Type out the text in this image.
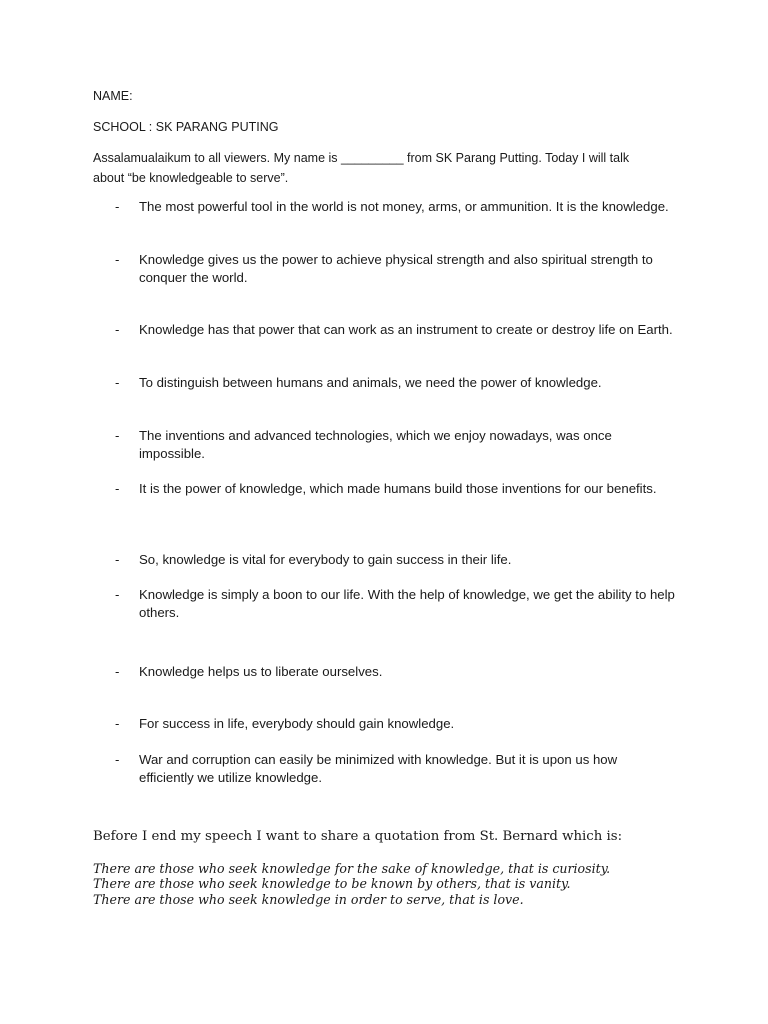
NAME:
SCHOOL : SK PARANG PUTING
Assalamualaikum to all viewers. My name is _________ from SK Parang Putting. Today I will talk about “be knowledgeable to serve”.
- The most powerful tool in the world is not money, arms, or ammunition. It is the knowledge.
- Knowledge gives us the power to achieve physical strength and also spiritual strength to conquer the world.
- Knowledge has that power that can work as an instrument to create or destroy life on Earth.
- To distinguish between humans and animals, we need the power of knowledge.
- The inventions and advanced technologies, which we enjoy nowadays, was once impossible.
- It is the power of knowledge, which made humans build those inventions for our benefits.
- So, knowledge is vital for everybody to gain success in their life.
- Knowledge is simply a boon to our life. With the help of knowledge, we get the ability to help others.
- Knowledge helps us to liberate ourselves.
- For success in life, everybody should gain knowledge.
- War and corruption can easily be minimized with knowledge. But it is upon us how efficiently we utilize knowledge.
Before I end my speech I want to share a quotation from St. Bernard which is:
There are those who seek knowledge for the sake of knowledge, that is curiosity.
There are those who seek knowledge to be known by others, that is vanity.
There are those who seek knowledge in order to serve, that is love.
